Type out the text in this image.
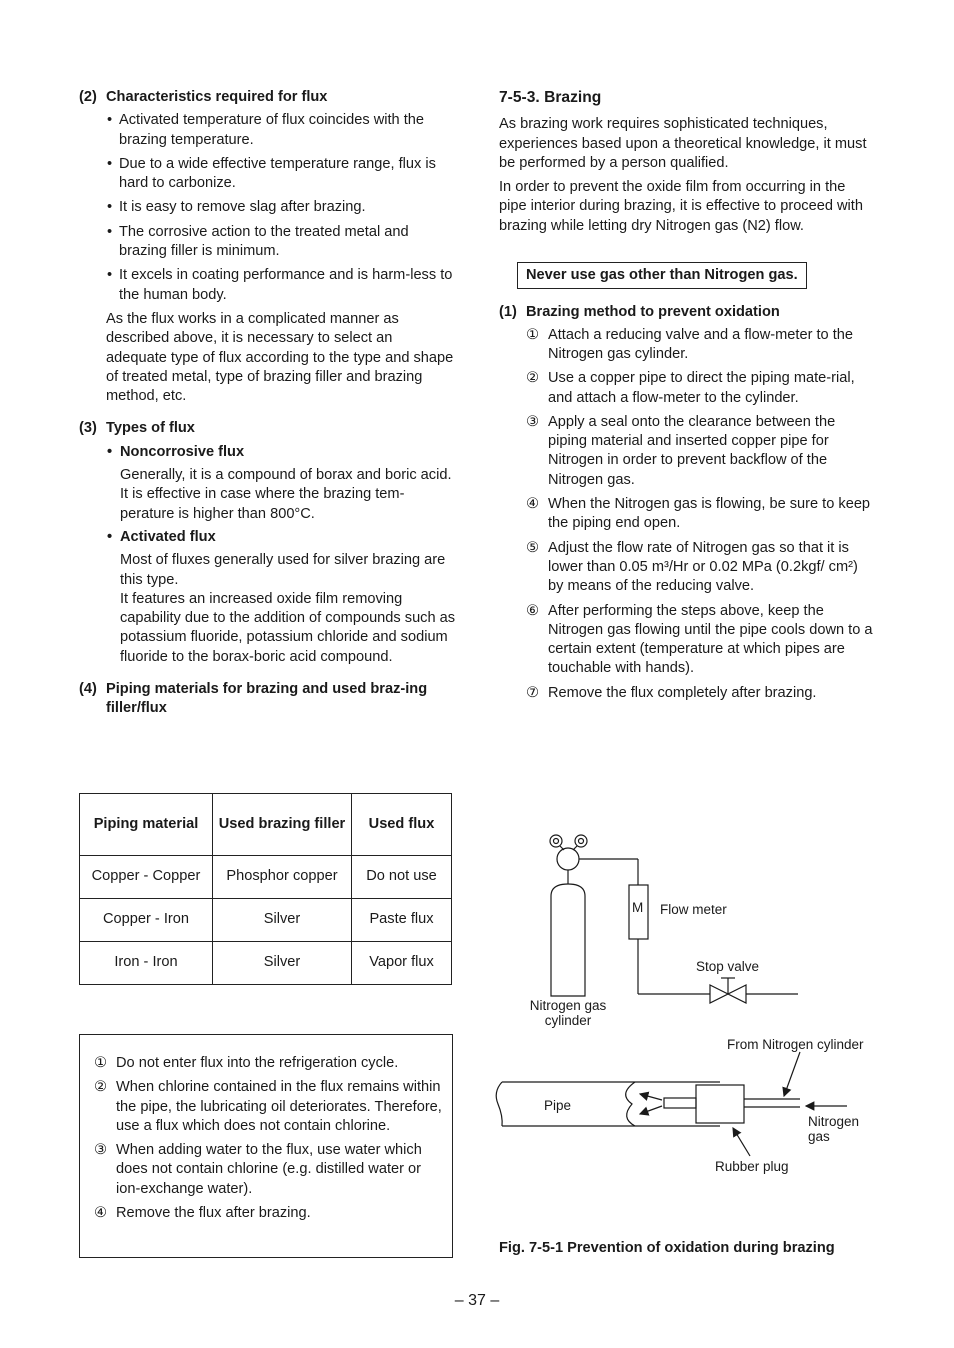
(2) Characteristics required for flux
• Activated temperature of flux coincides with the brazing temperature.
• Due to a wide effective temperature range, flux is hard to carbonize.
• It is easy to remove slag after brazing.
• The corrosive action to the treated metal and brazing filler is minimum.
• It excels in coating performance and is harm-less to the human body.

As the flux works in a complicated manner as described above, it is necessary to select an adequate type of flux according to the type and shape of treated metal, type of brazing filler and brazing method, etc.

(3) Types of flux
• Noncorrosive flux
Generally, it is a compound of borax and boric acid.
It is effective in case where the brazing tem-perature is higher than 800°C.
• Activated flux
Most of fluxes generally used for silver brazing are this type.
It features an increased oxide film removing capability due to the addition of compounds such as potassium fluoride, potassium chloride and sodium fluoride to the borax-boric acid compound.
(4) Piping materials for brazing and used braz-ing filler/flux
Piping material	Used brazing filler	Used flux
Copper - Copper	Phosphor copper	Do not use
Copper - Iron	Silver	Paste flux
Iron - Iron	Silver	Vapor flux
① Do not enter flux into the refrigeration cycle.
② When chlorine contained in the flux remains within the pipe, the lubricating oil deteriorates. Therefore, use a flux which does not contain chlorine.
③ When adding water to the flux, use water which does not contain chlorine (e.g. distilled water or ion-exchange water).
④ Remove the flux after brazing.
7-5-3. Brazing

As brazing work requires sophisticated techniques, experiences based upon a theoretical knowledge, it must be performed by a person qualified.

In order to prevent the oxide film from occurring in the pipe interior during brazing, it is effective to proceed with brazing while letting dry Nitrogen gas (N2) flow.

Never use gas other than Nitrogen gas.
(1) Brazing method to prevent oxidation
① Attach a reducing valve and a flow-meter to the Nitrogen gas cylinder.
② Use a copper pipe to direct the piping mate-rial, and attach a flow-meter to the cylinder.
③ Apply a seal onto the clearance between the piping material and inserted copper pipe for Nitrogen in order to prevent backflow of the Nitrogen gas.
④ When the Nitrogen gas is flowing, be sure to keep the piping end open.
⑤ Adjust the flow rate of Nitrogen gas so that it is lower than 0.05 m³/Hr or 0.02 MPa (0.2kgf/ cm²) by means of the reducing valve.
⑥ After performing the steps above, keep the Nitrogen gas flowing until the pipe cools down to a certain extent (temperature at which pipes are touchable with hands).
⑦ Remove the flux completely after brazing.
M Flow meter
Stop valve
Nitrogen gas
cylinder
From Nitrogen cylinder
Pipe
Nitrogen
gas
Rubber plug
Fig. 7-5-1 Prevention of oxidation during brazing
– 37 –
